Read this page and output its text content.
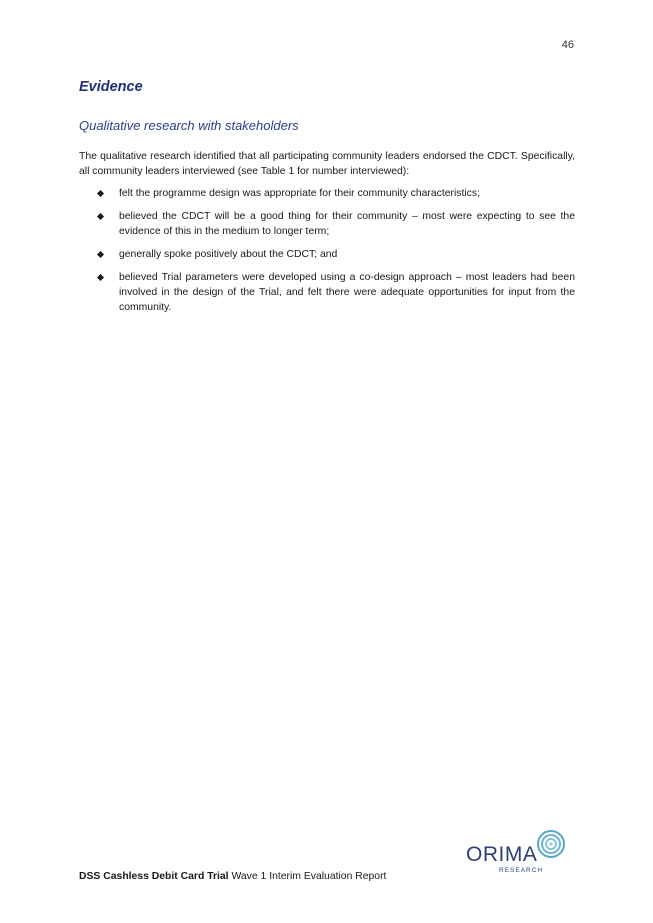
46
Evidence
Qualitative research with stakeholders

The qualitative research identified that all participating community leaders endorsed the CDCT. Specifically, all community leaders interviewed (see Table 1 for number interviewed):

felt the programme design was appropriate for their community characteristics;
believed the CDCT will be a good thing for their community – most were expecting to see the evidence of this in the medium to longer term;
generally spoke positively about the CDCT; and
believed Trial parameters were developed using a co-design approach – most leaders had been involved in the design of the Trial, and felt there were adequate opportunities for input from the community.
ORIMA
RESEARCH
DSS Cashless Debit Card Trial Wave 1 Interim Evaluation Report
